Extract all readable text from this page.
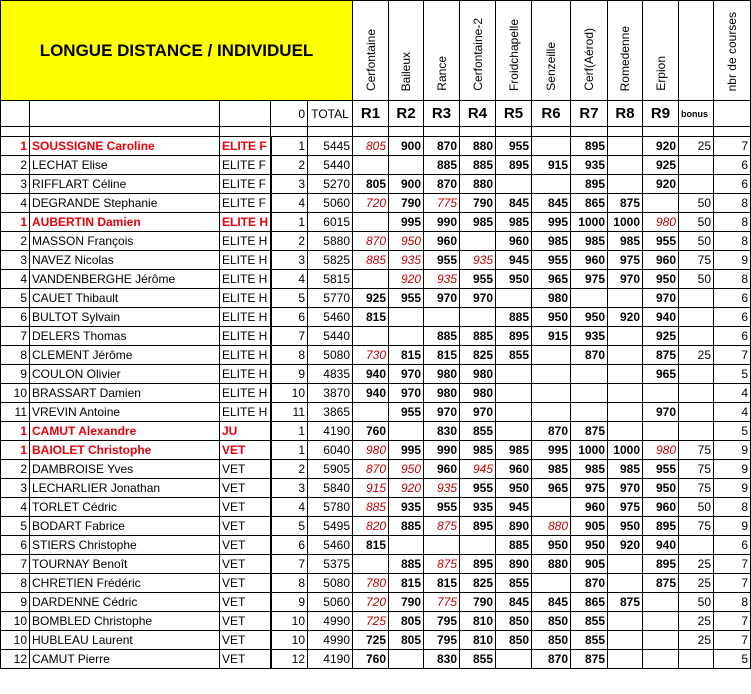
LONGUE DISTANCE / INDIVIDUEL					Cerfontaine	Baileux	Rance	Cerfontaine-2	Froidchapelle	Senzeille	Cerf(Aérod)	Romedenne	Erpion		nbr de courses
			0	TOTAL	R1	R2	R3	R4	R5	R6	R7	R8	R9	bonus	

1	SOUSSIGNE Caroline	ELITE F	1	5445	805	900	870	880	955		895		920	25	7
2	LECHAT Elise	ELITE F	2	5440			885	885	895	915	935		925		6
3	RIFFLART Céline	ELITE F	3	5270	805	900	870	880			895		920		6
4	DEGRANDE Stephanie	ELITE F	4	5060	720	790	775	790	845	845	865	875		50	8
1	AUBERTIN Damien	ELITE H	1	6015		995	990	985	985	995	1000	1000	980	50	8
2	MASSON François	ELITE H	2	5880	870	950	960		960	985	985	985	955	50	8
3	NAVEZ Nicolas	ELITE H	3	5825	885	935	955	935	945	955	960	975	960	75	9
4	VANDENBERGHE Jérôme	ELITE H	4	5815		920	935	955	950	965	975	970	950	50	8
5	CAUET Thibault	ELITE H	5	5770	925	955	970	970		980			970		6
6	BULTOT Sylvain	ELITE H	6	5460	815				885	950	950	920	940		6
7	DELERS Thomas	ELITE H	7	5440			885	885	895	915	935		925		6
8	CLEMENT Jérôme	ELITE H	8	5080	730	815	815	825	855		870		875	25	7
9	COULON Olivier	ELITE H	9	4835	940	970	980	980					965		5
10	BRASSART Damien	ELITE H	10	3870	940	970	980	980							4
11	VREVIN Antoine	ELITE H	11	3865		955	970	970					970		4
1	CAMUT Alexandre	JU	1	4190	760		830	855		870	875				5
1	BAIOLET Christophe	VET	1	6040	980	995	990	985	985	995	1000	1000	980	75	9
2	DAMBROISE Yves	VET	2	5905	870	950	960	945	960	985	985	985	955	75	9
3	LECHARLIER Jonathan	VET	3	5840	915	920	935	955	950	965	975	970	950	75	9
4	TORLET Cédric	VET	4	5780	885	935	955	935	945		960	975	960	50	8
5	BODART Fabrice	VET	5	5495	820	885	875	895	890	880	905	950	895	75	9
6	STIERS Christophe	VET	6	5460	815				885	950	950	920	940		6
7	TOURNAY Benoît	VET	7	5375		885	875	895	890	880	905		895	25	7
8	CHRETIEN Frédéric	VET	8	5080	780	815	815	825	855		870		875	25	7
9	DARDENNE Cédric	VET	9	5060	720	790	775	790	845	845	865	875		50	8
10	BOMBLED Christophe	VET	10	4990	725	805	795	810	850	850	855			25	7
10	HUBLEAU Laurent	VET	10	4990	725	805	795	810	850	850	855			25	7
12	CAMUT Pierre	VET	12	4190	760		830	855		870	875				5
